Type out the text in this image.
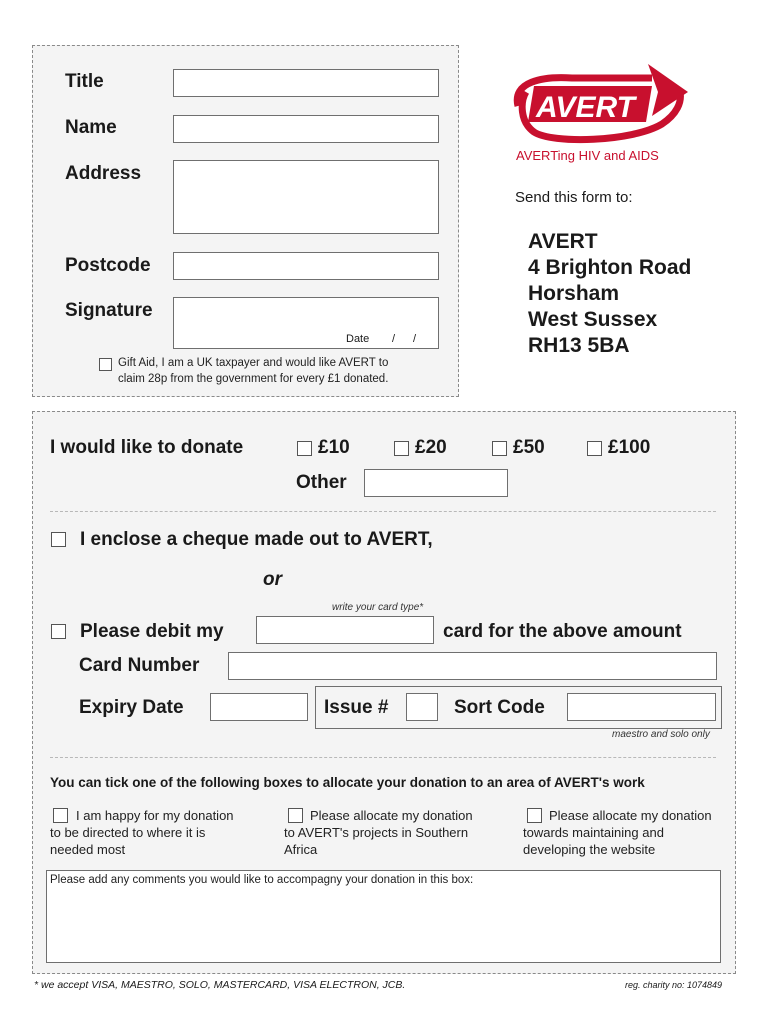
Title
Name
Address
Postcode
Signature
Date / /
Gift Aid, I am a UK taxpayer and would like AVERT to
claim 28p from the government for every £1 donated.
AVERT
AVERTing HIV and AIDS
Send this form to:
AVERT
4 Brighton Road
Horsham
West Sussex
RH13 5BA
I would like to donate	£10	£20	£50	£100
Other
I enclose a cheque made out to AVERT,
or
write your card type*
Please debit my	card for the above amount
Card Number
Expiry Date	Issue #	Sort Code
maestro and solo only
You can tick one of the following boxes to allocate your donation to an area of AVERT's work
I am happy for my donation
to be directed to where it is
needed most
Please allocate my donation
to AVERT's projects in Southern
Africa
Please allocate my donation
towards maintaining and
developing the website
Please add any comments you would like to accompagny your donation in this box:
* we accept VISA, MAESTRO, SOLO, MASTERCARD, VISA ELECTRON, JCB.	reg. charity no: 1074849
